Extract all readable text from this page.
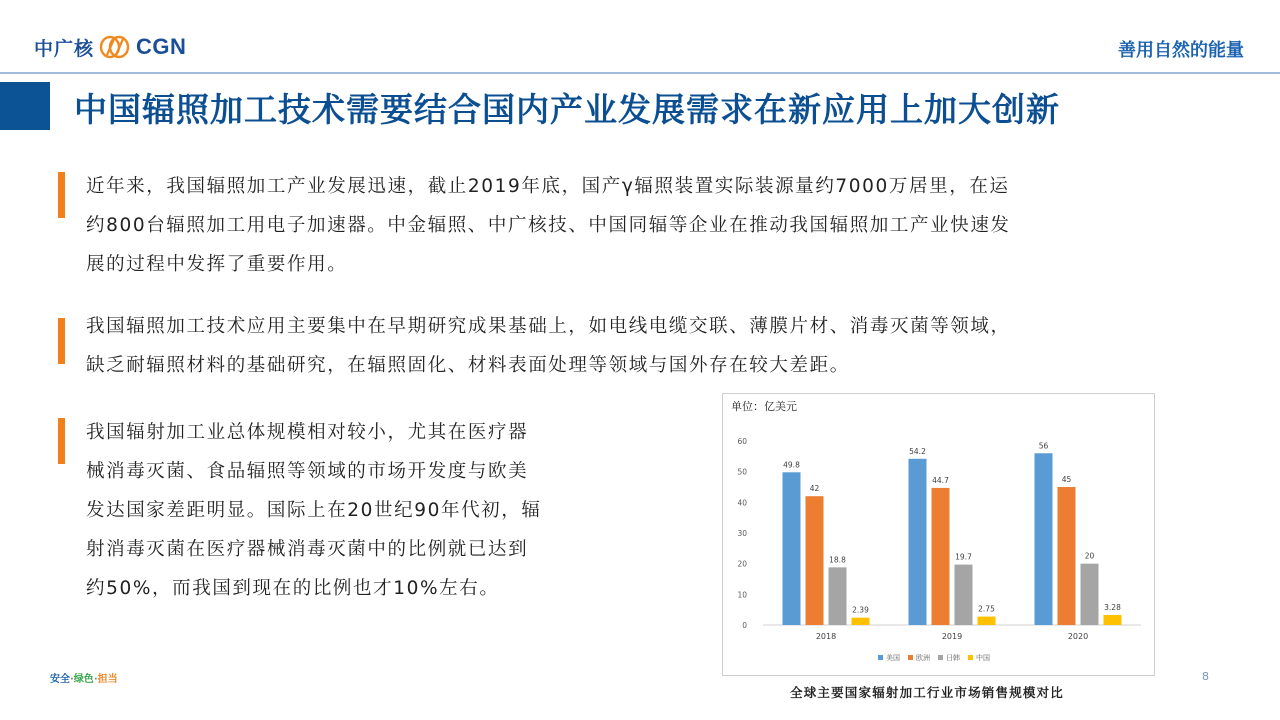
中广核 CGN	善用自然的能量
中国辐照加工技术需要结合国内产业发展需求在新应用上加大创新
近年来，我国辐照加工产业发展迅速，截止2019年底，国产γ辐照装置实际装源量约7000万居里，在运
约800台辐照加工用电子加速器。中金辐照、中广核技、中国同辐等企业在推动我国辐照加工产业快速发
展的过程中发挥了重要作用。
我国辐照加工技术应用主要集中在早期研究成果基础上，如电线电缆交联、薄膜片材、消毒灭菌等领域，
缺乏耐辐照材料的基础研究，在辐照固化、材料表面处理等领域与国外存在较大差距。
我国辐射加工业总体规模相对较小，尤其在医疗器
械消毒灭菌、食品辐照等领域的市场开发度与欧美
发达国家差距明显。国际上在20世纪90年代初，辐
射消毒灭菌在医疗器械消毒灭菌中的比例就已达到
约50%，而我国到现在的比例也才10%左右。
0
10
20
30
40
50
60
49.8
42
18.8
2.39
2018
54.2
44.7
19.7
2.75
2019
56
45
20
3.28
2020
美国 欧洲 日韩 中国
单位：亿美元
全球主要国家辐射加工行业市场销售规模对比
安全·绿色·担当	8
